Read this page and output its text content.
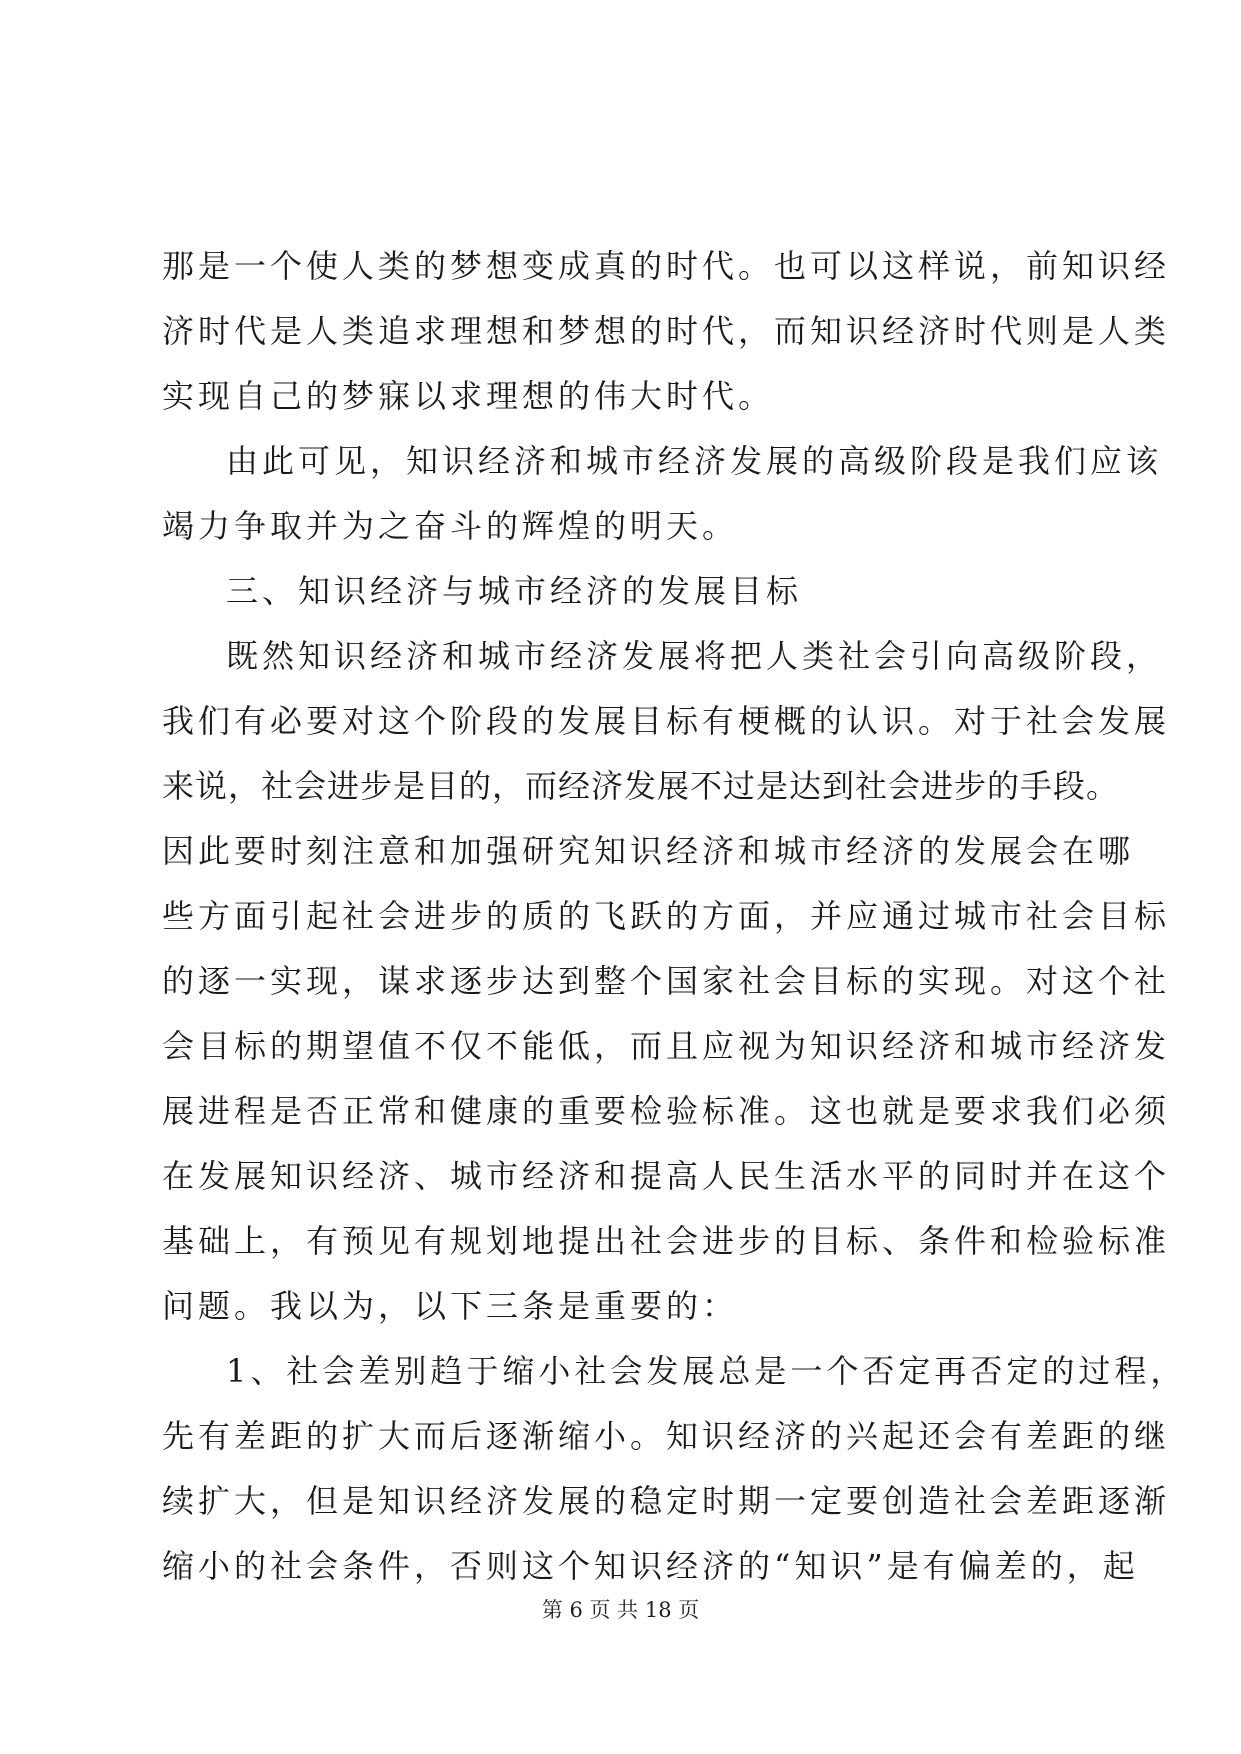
那是一个使人类的梦想变成真的时代。也可以这样说，前知识经
济时代是人类追求理想和梦想的时代，而知识经济时代则是人类
实现自己的梦寐以求理想的伟大时代。
由此可见，知识经济和城市经济发展的高级阶段是我们应该
竭力争取并为之奋斗的辉煌的明天。
三、知识经济与城市经济的发展目标
既然知识经济和城市经济发展将把人类社会引向高级阶段，
我们有必要对这个阶段的发展目标有梗概的认识。对于社会发展
来说，社会进步是目的，而经济发展不过是达到社会进步的手段。
因此要时刻注意和加强研究知识经济和城市经济的发展会在哪
些方面引起社会进步的质的飞跃的方面，并应通过城市社会目标
的逐一实现，谋求逐步达到整个国家社会目标的实现。对这个社
会目标的期望值不仅不能低，而且应视为知识经济和城市经济发
展进程是否正常和健康的重要检验标准。这也就是要求我们必须
在发展知识经济、城市经济和提高人民生活水平的同时并在这个
基础上，有预见有规划地提出社会进步的目标、条件和检验标准
问题。我以为，以下三条是重要的：
1、社会差别趋于缩小社会发展总是一个否定再否定的过程，
先有差距的扩大而后逐渐缩小。知识经济的兴起还会有差距的继
续扩大，但是知识经济发展的稳定时期一定要创造社会差距逐渐
缩小的社会条件，否则这个知识经济的“知识”是有偏差的，起
第 6 页 共 18 页
